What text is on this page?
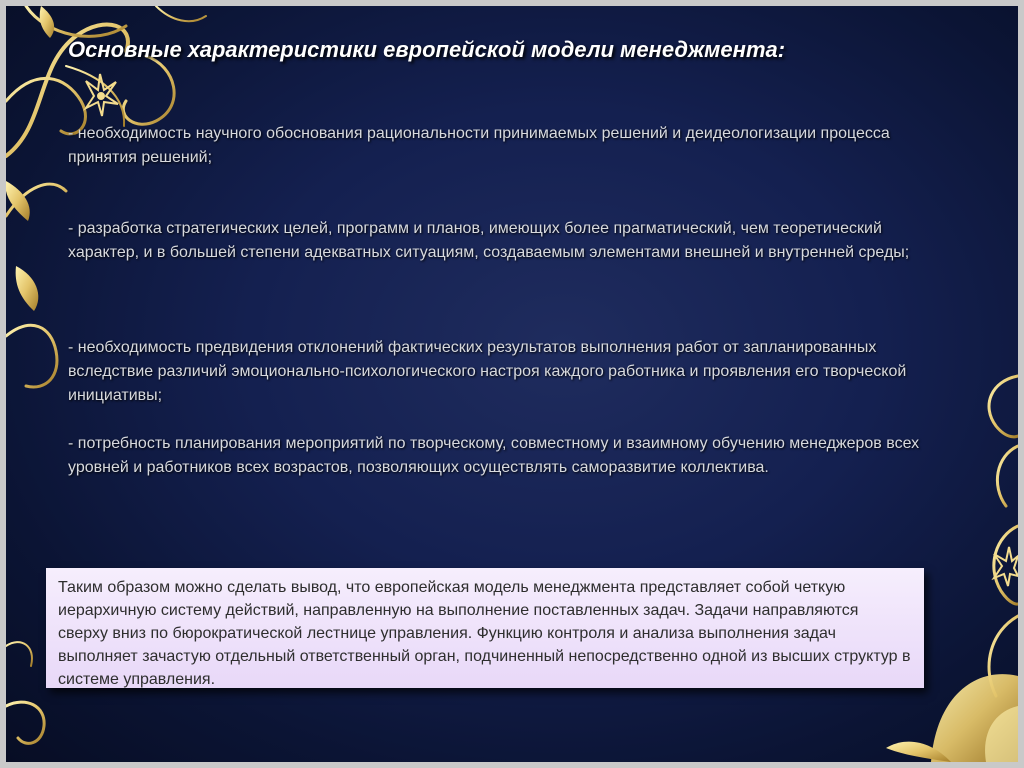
Основные характеристики европейской модели менеджмента:

- необходимость научного обоснования рациональности принимаемых решений и деидеологизации процесса принятия решений;

- разработка стратегических целей, программ и планов, имеющих более прагматический, чем теоретический характер, и в большей степени адекватных ситуациям, создаваемым элементами внешней и внутренней среды;

- необходимость предвидения отклонений фактических результатов выполнения работ от запланированных вследствие различий эмоционально-психологического настроя каждого работника и проявления его творческой инициативы;

- потребность планирования мероприятий по творческому, совместному и взаимному обучению менеджеров всех уровней и работников всех возрастов, позволяющих осуществлять саморазвитие коллектива.

Таким образом можно сделать вывод, что европейская модель менеджмента представляет собой четкую иерархичную систему действий, направленную на выполнение поставленных задач. Задачи направляются сверху вниз по бюрократической лестнице управления. Функцию контроля и анализа выполнения задач выполняет зачастую отдельный ответственный орган, подчиненный непосредственно одной из высших структур в системе управления.
